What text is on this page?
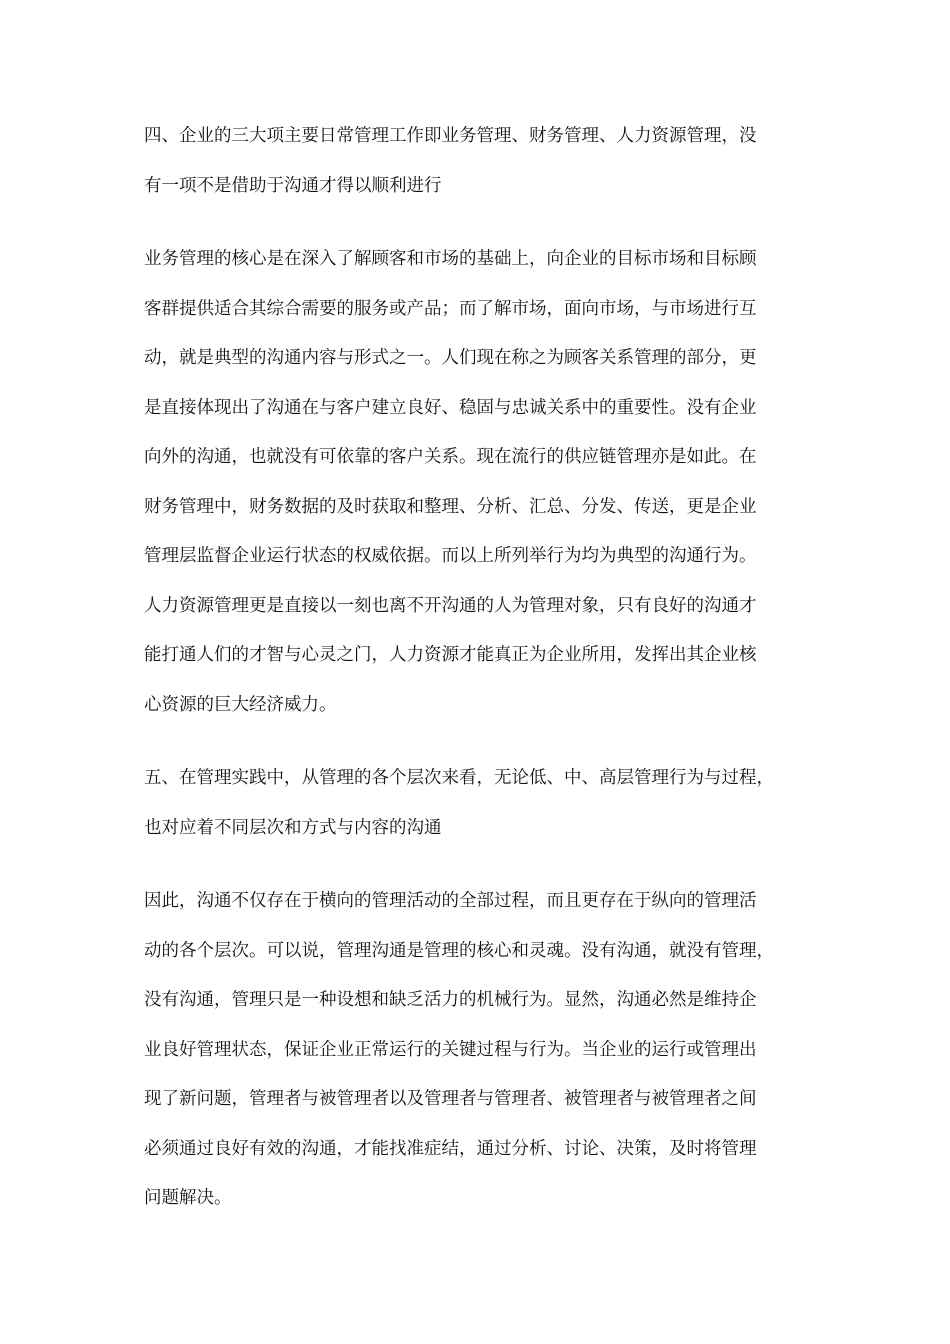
四、企业的三大项主要日常管理工作即业务管理、财务管理、人力资源管理，没
有一项不是借助于沟通才得以顺利进行
业务管理的核心是在深入了解顾客和市场的基础上，向企业的目标市场和目标顾
客群提供适合其综合需要的服务或产品；而了解市场，面向市场，与市场进行互
动，就是典型的沟通内容与形式之一。人们现在称之为顾客关系管理的部分，更
是直接体现出了沟通在与客户建立良好、稳固与忠诚关系中的重要性。没有企业
向外的沟通，也就没有可依靠的客户关系。现在流行的供应链管理亦是如此。在
财务管理中，财务数据的及时获取和整理、分析、汇总、分发、传送，更是企业
管理层监督企业运行状态的权威依据。而以上所列举行为均为典型的沟通行为。
人力资源管理更是直接以一刻也离不开沟通的人为管理对象，只有良好的沟通才
能打通人们的才智与心灵之门，人力资源才能真正为企业所用，发挥出其企业核
心资源的巨大经济威力。
五、在管理实践中，从管理的各个层次来看，无论低、中、高层管理行为与过程，
也对应着不同层次和方式与内容的沟通
因此，沟通不仅存在于横向的管理活动的全部过程，而且更存在于纵向的管理活
动的各个层次。可以说，管理沟通是管理的核心和灵魂。没有沟通，就没有管理，
没有沟通，管理只是一种设想和缺乏活力的机械行为。显然，沟通必然是维持企
业良好管理状态，保证企业正常运行的关键过程与行为。当企业的运行或管理出
现了新问题，管理者与被管理者以及管理者与管理者、被管理者与被管理者之间
必须通过良好有效的沟通，才能找准症结，通过分析、讨论、决策，及时将管理
问题解决。
